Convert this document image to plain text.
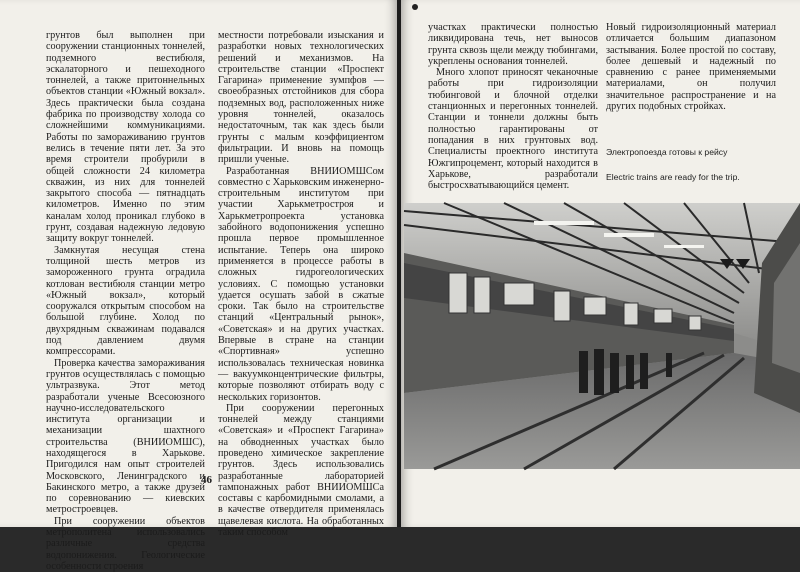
грунтов был выполнен при сооружении станционных тоннелей, подземного вестибюля, эскалаторного и пешеходного тоннелей, а также притоннельных объектов станции «Южный вокзал». Здесь практически была создана фабрика по производству холода со сложнейшими коммуникациями. Работы по замораживанию грунтов велись в течение пяти лет. За это время строители пробурили в общей сложности 24 километра скважин, из них для тоннелей закрытого способа — пятнадцать километров. Именно по этим каналам холод проникал глубоко в грунт, создавая надежную ледовую защиту вокруг тоннелей.

Замкнутая несущая стена толщиной шесть метров из замороженного грунта оградила котлован вестибюля станции метро «Южный вокзал», который сооружался открытым способом на большой глубине. Холод по двухрядным скважинам подавался под давлением двумя компрессорами.

Проверка качества замораживания грунтов осуществлялась с помощью ультразвука. Этот метод разработали ученые Всесоюзного научно-исследовательского института организации и механизации шахтного строительства (ВНИИОМШС), находящегося в Харькове. Пригодился нам опыт строителей Московского, Ленинградского и Бакинского метро, а также друзей по соревнованию — киевских метростроевцев.

При сооружении объектов метрополитена использовались различные средства водопонижения. Геологические особенности строения

местности потребовали изыскания и разработки новых технологических решений и механизмов. На строительстве станции «Проспект Гагарина» применение зумпфов — своеобразных отстойников для сбора подземных вод, расположенных ниже уровня тоннелей, оказалось недостаточным, так как здесь были грунты с малым коэффициентом фильтрации. И вновь на помощь пришли ученые.

Разработанная ВНИИОМШСом совместно с Харьковским инженерно-строительным институтом при участии Харькметростроя и Харькметропроекта установка забойного водопонижения успешно прошла первое промышленное испытание. Теперь она широко применяется в процессе работы в сложных гидрогеологических условиях. С помощью установки удается осушать забой в сжатые сроки. Так было на строительстве станций «Центральный рынок», «Советская» и на других участках. Впервые в стране на станции «Спортивная» успешно использовалась техническая новинка — вакуумконцентрические фильтры, которые позволяют отбирать воду с нескольких горизонтов.

При сооружении перегонных тоннелей между станциями «Советская» и «Проспект Гагарина» на обводненных участках было проведено химическое закрепление грунтов. Здесь использовались разработанные лабораторией тампонажных работ ВНИИОМШСа составы с карбомидными смолами, а в качестве отвердителя применялась щавелевая кислота. На обработанных таким способом

46

участках практически полностью ликвидирована течь, нет выносов грунта сквозь щели между тюбингами, укреплены основания тоннелей.

Много хлопот приносят чеканочные работы при гидроизоляции тюбинговой и блочной отделки станционных и перегонных тоннелей. Станции и тоннели должны быть полностью гарантированы от попадания в них грунтовых вод. Специалисты проектного института Южгипроцемент, который находится в Харькове, разработали быстросхватывающийся цемент.

Новый гидроизоляционный материал отличается большим диапазоном застывания. Более простой по составу, более дешевый и надежный по сравнению с ранее применяемыми материалами, он получил значительное распространение и на других подобных стройках.

Электропоезда готовы к рейсу
Electric trains are ready for the trip.
